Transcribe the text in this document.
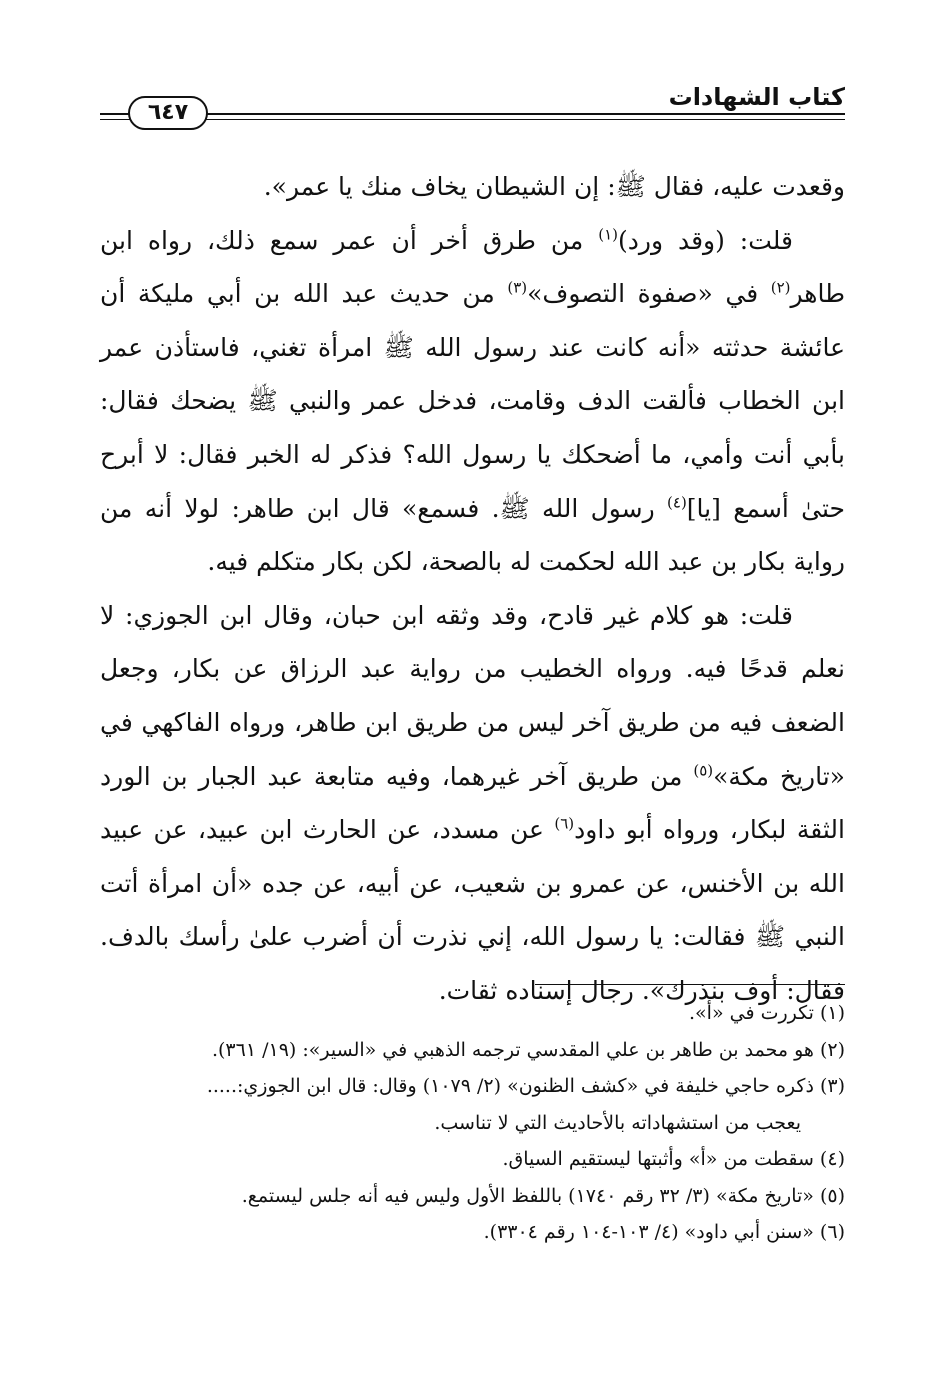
كتاب الشهادات
٦٤٧

وقعدت عليه، فقال ﷺ: إن الشيطان يخاف منك يا عمر».

قلت: (وقد ورد)$^{(١)}$ من طرق أخر أن عمر سمع ذلك، رواه ابن طاهر$^{(٢)}$ في «صفوة التصوف»$^{(٣)}$ من حديث عبد الله بن أبي مليكة أن عائشة حدثته «أنه كانت عند رسول الله ﷺ امرأة تغني، فاستأذن عمر ابن الخطاب فألقت الدف وقامت، فدخل عمر والنبي ﷺ يضحك فقال: بأبي أنت وأمي، ما أضحكك يا رسول الله؟ فذكر له الخبر فقال: لا أبرح حتىٰ أسمع [يا]$^{(٤)}$ رسول الله ﷺ. فسمع» قال ابن طاهر: لولا أنه من رواية بكار بن عبد الله لحكمت له بالصحة، لكن بكار متكلم فيه.

قلت: هو كلام غير قادح، وقد وثقه ابن حبان، وقال ابن الجوزي: لا نعلم قدحًا فيه. ورواه الخطيب من رواية عبد الرزاق عن بكار، وجعل الضعف فيه من طريق آخر ليس من طريق ابن طاهر، ورواه الفاكهي في «تاريخ مكة»$^{(٥)}$ من طريق آخر غيرهما، وفيه متابعة عبد الجبار بن الورد الثقة لبكار، ورواه أبو داود$^{(٦)}$ عن مسدد، عن الحارث ابن عبيد، عن عبيد الله بن الأخنس، عن عمرو بن شعيب، عن أبيه، عن جده «أن امرأة أتت النبي ﷺ فقالت: يا رسول الله، إني نذرت أن أضرب علىٰ رأسك بالدف. فقال: أوف بنذرك». رجال إسناده ثقات.

(١) تكررت في «أ».

(٢) هو محمد بن طاهر بن علي المقدسي ترجمه الذهبي في «السير»: (١٩/ ٣٦١).

(٣) ذكره حاجي خليفة في «كشف الظنون» (٢/ ١٠٧٩) وقال: قال ابن الجوزي:.....

يعجب من استشهاداته بالأحاديث التي لا تناسب.

(٤) سقطت من «أ» وأثبتها ليستقيم السياق.

(٥) «تاريخ مكة» (٣/ ٣٢ رقم ١٧٤٠) باللفظ الأول وليس فيه أنه جلس ليستمع.

(٦) «سنن أبي داود» (٤/ ١٠٣-١٠٤ رقم ٣٣٠٤).
